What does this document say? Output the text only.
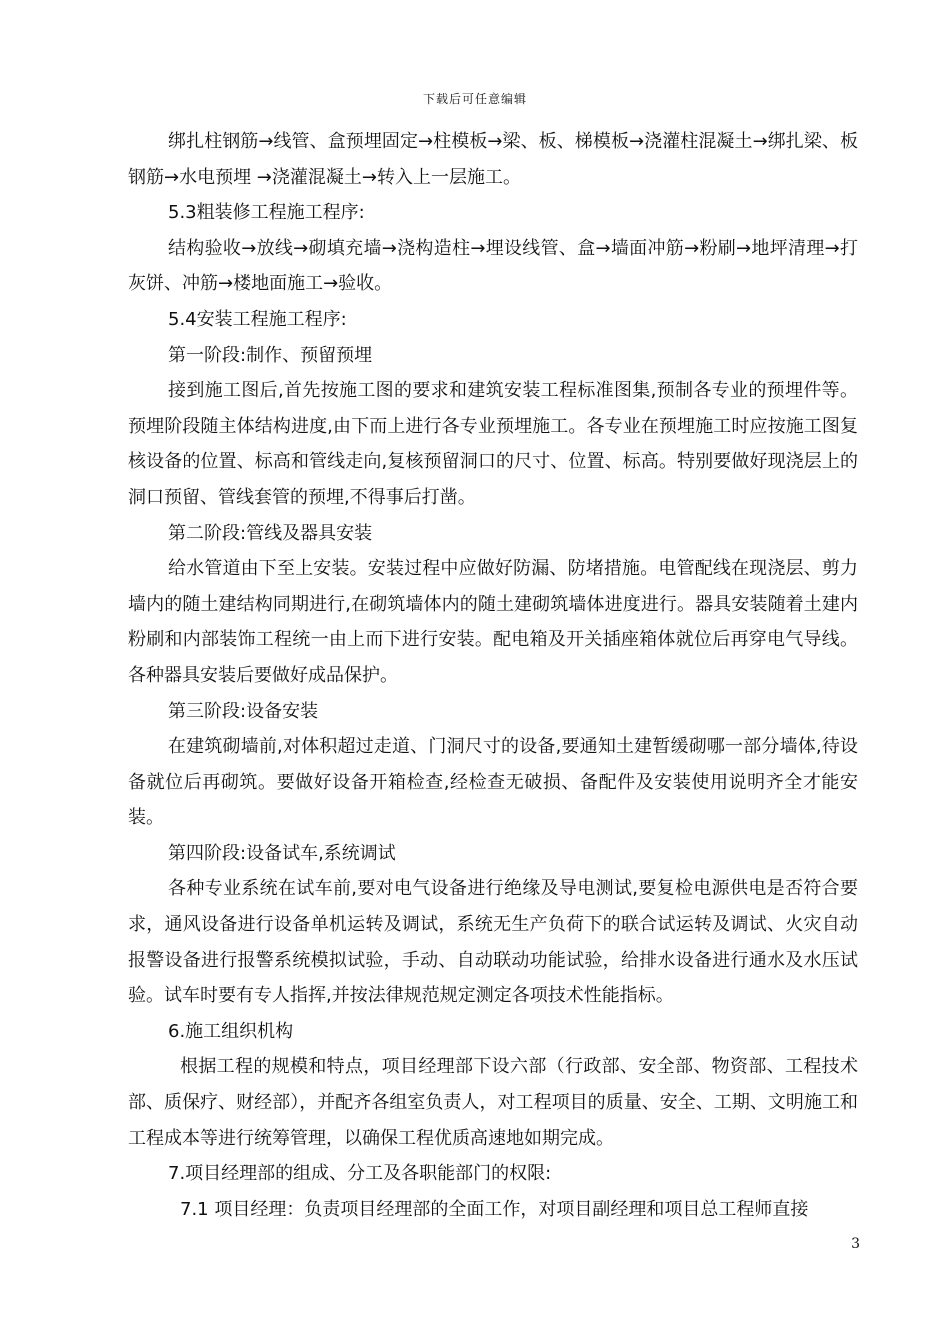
下载后可任意编辑

绑扎柱钢筋→线管、盒预埋固定→柱模板→梁、板、梯模板→浇灌柱混凝土→绑扎梁、板钢筋→水电预埋 →浇灌混凝土→转入上一层施工。

5.3粗装修工程施工程序:

结构验收→放线→砌填充墙→浇构造柱→埋设线管、盒→墙面冲筋→粉刷→地坪清理→打灰饼、冲筋→楼地面施工→验收。

5.4安装工程施工程序:

第一阶段:制作、预留预埋

接到施工图后,首先按施工图的要求和建筑安装工程标准图集,预制各专业的预埋件等。预埋阶段随主体结构进度,由下而上进行各专业预埋施工。各专业在预埋施工时应按施工图复核设备的位置、标高和管线走向,复核预留洞口的尺寸、位置、标高。特别要做好现浇层上的洞口预留、管线套管的预埋,不得事后打凿。

第二阶段:管线及器具安装

给水管道由下至上安装。安装过程中应做好防漏、防堵措施。电管配线在现浇层、剪力墙内的随土建结构同期进行,在砌筑墙体内的随土建砌筑墙体进度进行。器具安装随着土建内粉刷和内部装饰工程统一由上而下进行安装。配电箱及开关插座箱体就位后再穿电气导线。各种器具安装后要做好成品保护。

第三阶段:设备安装

在建筑砌墙前,对体积超过走道、门洞尺寸的设备,要通知土建暂缓砌哪一部分墙体,待设备就位后再砌筑。要做好设备开箱检查,经检查无破损、备配件及安装使用说明齐全才能安装。

第四阶段:设备试车,系统调试

各种专业系统在试车前,要对电气设备进行绝缘及导电测试,要复检电源供电是否符合要求，通风设备进行设备单机运转及调试，系统无生产负荷下的联合试运转及调试、火灾自动报警设备进行报警系统模拟试验，手动、自动联动功能试验，给排水设备进行通水及水压试验。试车时要有专人指挥,并按法律规范规定测定各项技术性能指标。

6.施工组织机构

根据工程的规模和特点，项目经理部下设六部（行政部、安全部、物资部、工程技术部、质保疗、财经部），并配齐各组室负责人，对工程项目的质量、安全、工期、文明施工和工程成本等进行统筹管理，以确保工程优质高速地如期完成。

7.项目经理部的组成、分工及各职能部门的权限:

7.1 项目经理：负责项目经理部的全面工作，对项目副经理和项目总工程师直接

3
